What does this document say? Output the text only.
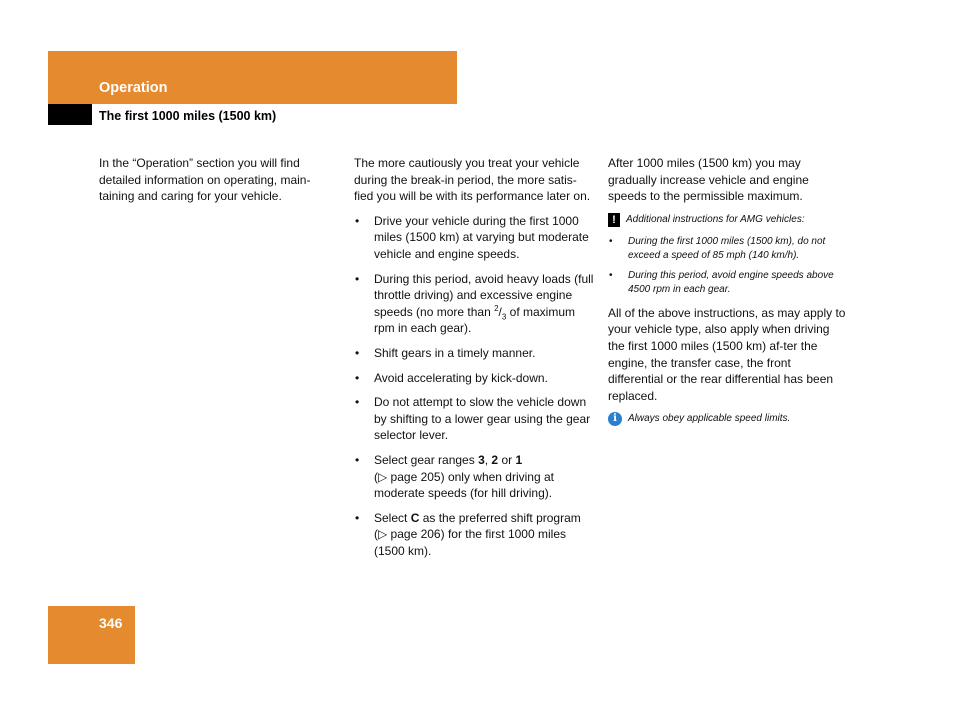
Operation
The first 1000 miles (1500 km)

In the “Operation” section you will find detailed information on operating, main-taining and caring for your vehicle.

The more cautiously you treat your vehicle during the break-in period, the more satis-fied you will be with its performance later on.

• Drive your vehicle during the first 1000 miles (1500 km) at varying but moderate vehicle and engine speeds.
• During this period, avoid heavy loads (full throttle driving) and excessive engine speeds (no more than $^2/_3$ of maximum rpm in each gear).
• Shift gears in a timely manner.
• Avoid accelerating by kick-down.
• Do not attempt to slow the vehicle down by shifting to a lower gear using the gear selector lever.
• Select gear ranges 3, 2 or 1
(▷ page 205) only when driving at moderate speeds (for hill driving).
• Select C as the preferred shift program (▷ page 206) for the first 1000 miles (1500 km).

After 1000 miles (1500 km) you may gradually increase vehicle and engine speeds to the permissible maximum.

!	Additional instructions for AMG vehicles:
• During the first 1000 miles (1500 km), do not exceed a speed of 85 mph (140 km/h).
• During this period, avoid engine speeds above 4500 rpm in each gear.

All of the above instructions, as may apply to your vehicle type, also apply when driving the first 1000 miles (1500 km) af-ter the engine, the transfer case, the front differential or the rear differential has been replaced.

i	Always obey applicable speed limits.
346
